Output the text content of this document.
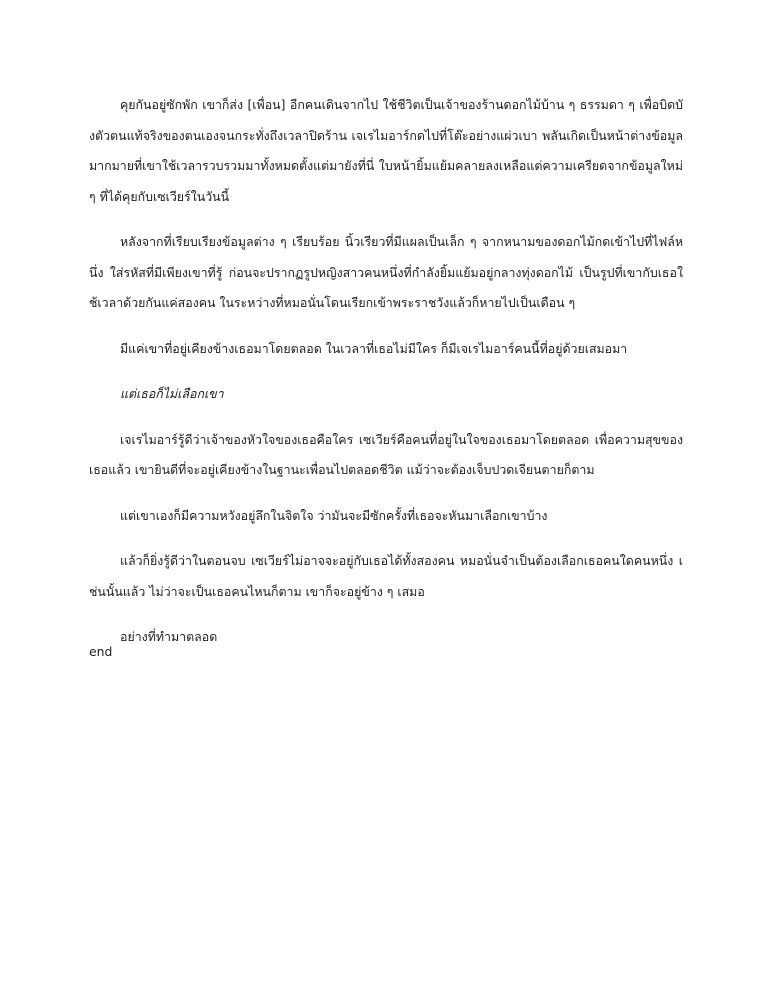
คุยกันอยู่ซักพัก เขาก็ส่ง [เพื่อน] อีกคนเดินจากไป ใช้ชีวิตเป็นเจ้าของร้านดอกไม้บ้าน ๆ ธรรมดา ๆ เพื่อบิดบังตัวตนแท้จริงของตนเองจนกระทั่งถึงเวลาปิดร้าน เจเรไมอาร์กดไปที่โต๊ะอย่างแผ่วเบา พลันเกิดเป็นหน้าต่างข้อมูลมากมายที่เขาใช้เวลารวบรวมมาทั้งหมดตั้งแต่มายังที่นี่ ใบหน้ายิ้มแย้มคลายลงเหลือแต่ความเครียดจากข้อมูลใหม่ ๆ ที่ได้คุยกับเซเวียร์ในวันนี้

หลังจากที่เรียบเรียงข้อมูลต่าง ๆ เรียบร้อย นิ้วเรียวที่มีแผลเป็นเล็ก ๆ จากหนามของดอกไม้กดเข้าไปที่ไฟล์หนึ่ง ใส่รหัสที่มีเพียงเขาที่รู้ ก่อนจะปรากฏรูปหญิงสาวคนหนึ่งที่กำลังยิ้มแย้มอยู่กลางทุ่งดอกไม้ เป็นรูปที่เขากับเธอใช้เวลาด้วยกันแค่สองคน ในระหว่างที่หมอนั่นโดนเรียกเข้าพระราชวังแล้วก็หายไปเป็นเดือน ๆ

มีแค่เขาที่อยู่เคียงข้างเธอมาโดยตลอด ในเวลาที่เธอไม่มีใคร ก็มีเจเรไมอาร์คนนี้ที่อยู่ด้วยเสมอมา

แต่เธอก็ไม่เลือกเขา

เจเรไมอาร์รู้ดีว่าเจ้าของหัวใจของเธอคือใคร เซเวียร์คือคนที่อยู่ในใจของเธอมาโดยตลอด เพื่อความสุขของเธอแล้ว เขายินดีที่จะอยู่เคียงข้างในฐานะเพื่อนไปตลอดชีวิต แม้ว่าจะต้องเจ็บปวดเจียนตายก็ตาม

แต่เขาเองก็มีความหวังอยู่ลึกในจิตใจ ว่ามันจะมีซักครั้งที่เธอจะหันมาเลือกเขาบ้าง

แล้วก็ยิ่งรู้ดีว่าในตอนจบ เซเวียร์ไม่อาจจะอยู่กับเธอได้ทั้งสองคน หมอนั่นจำเป็นต้องเลือกเธอคนใดคนหนึ่ง เช่นนั้นแล้ว ไม่ว่าจะเป็นเธอคนไหนก็ตาม เขาก็จะอยู่ข้าง ๆ เสมอ

อย่างที่ทำมาตลอด

end
